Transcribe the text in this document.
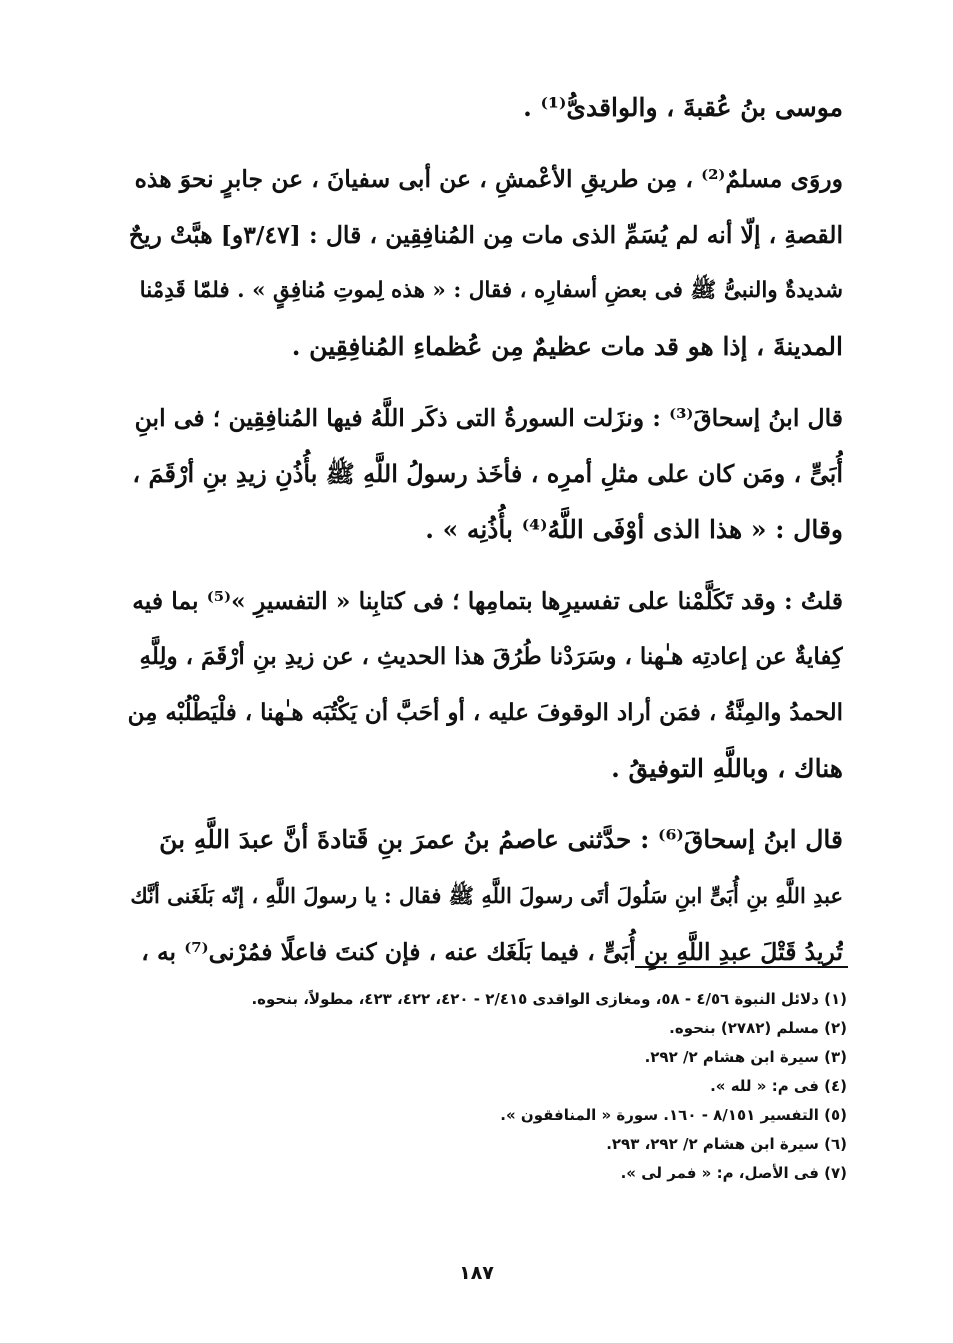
موسى بنُ عُقبةَ ، والواقدىُّ⁽¹⁾ .
وروَى مسلمٌ⁽²⁾ ، مِن طريقِ الأعْمشِ ، عن أبى سفيانَ ، عن جابرٍ نحوَ هذه
القصةِ ، إلّا أنه لم يُسَمِّ الذى مات مِن المُنافِقِين ، قال : [٣/٤٧و] هبَّتْ ريحٌ
شديدةٌ والنبىُّ ﷺ فى بعضِ أسفارِه ، فقال : « هذه لِموتِ مُنافِقٍ » . فلمّا قَدِمْنا
المدينةَ ، إذا هو قد مات عظيمٌ مِن عُظماءِ المُنافِقِين .
قال ابنُ إسحاقَ⁽³⁾ : ونزَلت السورةُ التى ذكَر اللَّهُ فيها المُنافِقِين ؛ فى ابنِ
أُبَىٍّ ، ومَن كان على مثلِ أمرِه ، فأخَذ رسولُ اللَّهِ ﷺ بأُذُنِ زيدِ بنِ أرْقَمَ ،
وقال : « هذا الذى أوْفَى اللَّهُ⁽⁴⁾ بأُذُنِه » .
قلتُ : وقد تَكَلَّمْنا على تفسيرِها بتمامِها ؛ فى كتابِنا « التفسيرِ »⁽⁵⁾ بما فيه
كِفايةٌ عن إعادتِه هـٰهنا ، وسَرَدْنا طُرُقَ هذا الحديثِ ، عن زيدِ بنِ أرْقَمَ ، ولِلَّهِ
الحمدُ والمِنَّةُ ، فمَن أراد الوقوفَ عليه ، أو أحَبَّ أن يَكْتُبَه هـٰهنا ، فلْيَطْلُبْه مِن
هناك ، وباللَّهِ التوفيقُ .
قال ابنُ إسحاقَ⁽⁶⁾ : حدَّثنى عاصمُ بنُ عمرَ بنِ قَتادةَ أنَّ عبدَ اللَّهِ بنَ
عبدِ اللَّهِ بنِ أُبَىٍّ ابنِ سَلُولَ أتَى رسولَ اللَّهِ ﷺ فقال : يا رسولَ اللَّهِ ، إنّه بَلَغَنى أنَّك
تُريدُ قَتْلَ عبدِ اللَّهِ بنِ أُبَىٍّ ، فيما بَلَغَك عنه ، فإن كنتَ فاعلًا فمُرْنى⁽⁷⁾ به ،
(١) دلائل النبوة ٤/٥٦ - ٥٨، ومغازى الواقدى ٢/٤١٥ - ٤٢٠، ٤٢٢، ٤٢٣، مطولاً، بنحوه.
(٢) مسلم (٢٧٨٢) بنحوه.
(٣) سيرة ابن هشام ٢/ ٢٩٢.
(٤) فى م: « لله ».
(٥) التفسير ٨/١٥١ - ١٦٠. سورة « المنافقون ».
(٦) سيرة ابن هشام ٢/ ٢٩٢، ٢٩٣.
(٧) فى الأصل، م: « فمر لى ».
١٨٧
